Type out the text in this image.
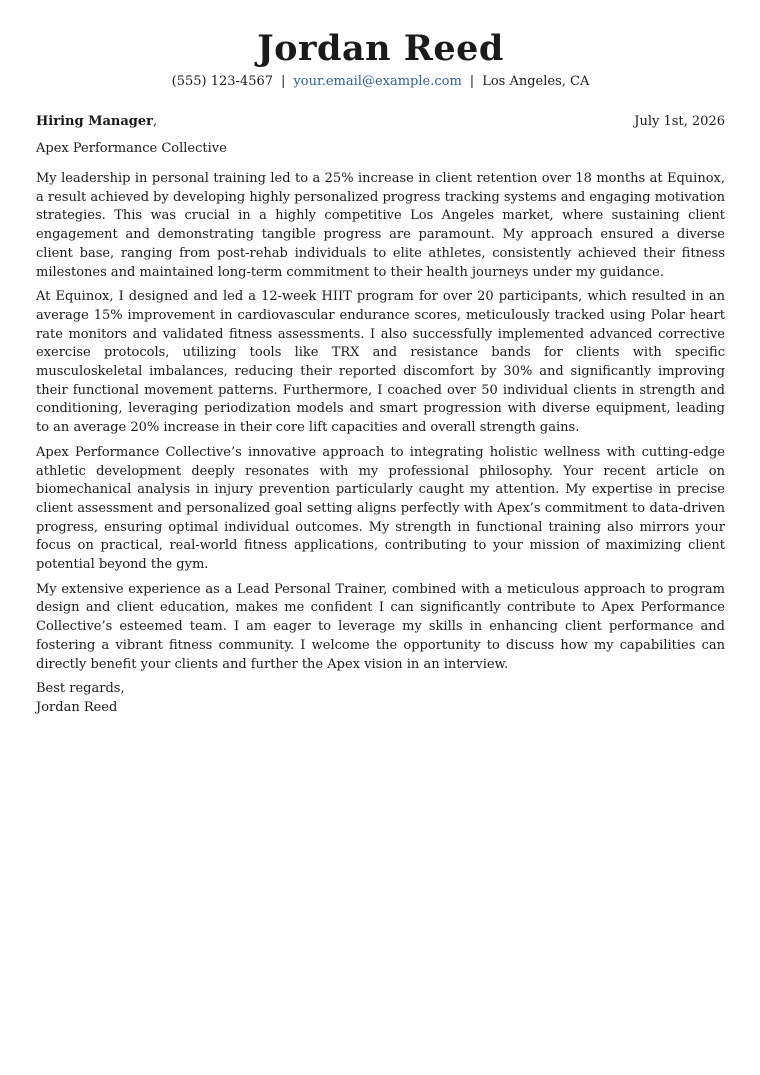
Jordan Reed
(555) 123-4567 | your.email@example.com | Los Angeles, CA
Hiring Manager,	July 1st, 2026
Apex Performance Collective

My leadership in personal training led to a 25% increase in client retention over 18 months at Equinox, a result achieved by developing highly personalized progress tracking systems and engaging motivation strategies. This was crucial in a highly competitive Los Angeles market, where sustaining client engagement and demonstrating tangible progress are paramount. My approach ensured a diverse client base, ranging from post-rehab individuals to elite athletes, consistently achieved their fitness milestones and maintained long-term commitment to their health journeys under my guidance.

At Equinox, I designed and led a 12-week HIIT program for over 20 participants, which resulted in an average 15% improvement in cardiovascular endurance scores, meticulously tracked using Polar heart rate monitors and validated fitness assessments. I also successfully implemented advanced corrective exercise protocols, utilizing tools like TRX and resistance bands for clients with specific musculoskeletal imbalances, reducing their reported discomfort by 30% and significantly improving their functional movement patterns. Furthermore, I coached over 50 individual clients in strength and conditioning, leveraging periodization models and smart progression with diverse equipment, leading to an average 20% increase in their core lift capacities and overall strength gains.

Apex Performance Collective’s innovative approach to integrating holistic wellness with cutting-edge athletic development deeply resonates with my professional philosophy. Your recent article on biomechanical analysis in injury prevention particularly caught my attention. My expertise in precise client assessment and personalized goal setting aligns perfectly with Apex’s commitment to data-driven progress, ensuring optimal individual outcomes. My strength in functional training also mirrors your focus on practical, real-world fitness applications, contributing to your mission of maximizing client potential beyond the gym.

My extensive experience as a Lead Personal Trainer, combined with a meticulous approach to program design and client education, makes me confident I can significantly contribute to Apex Performance Collective’s esteemed team. I am eager to leverage my skills in enhancing client performance and fostering a vibrant fitness community. I welcome the opportunity to discuss how my capabilities can directly benefit your clients and further the Apex vision in an interview.

Best regards,
Jordan Reed
